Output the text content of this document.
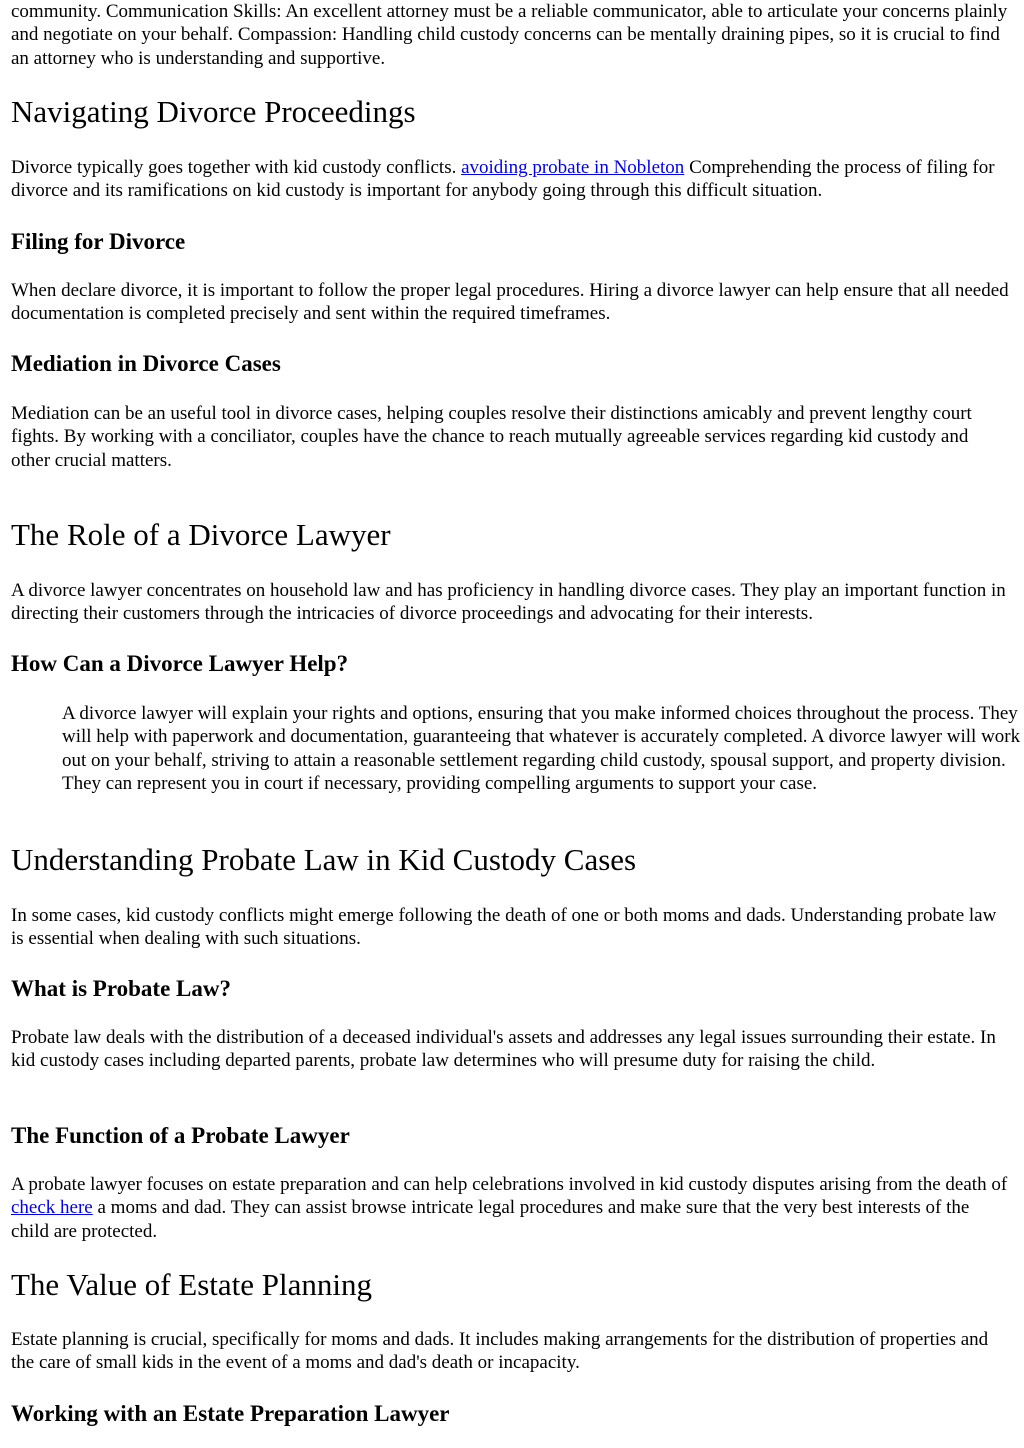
community. Communication Skills: An excellent attorney must be a reliable communicator, able to articulate your concerns plainly and negotiate on your behalf. Compassion: Handling child custody concerns can be mentally draining pipes, so it is crucial to find an attorney who is understanding and supportive.

Navigating Divorce Proceedings

Divorce typically goes together with kid custody conflicts. avoiding probate in Nobleton Comprehending the process of filing for divorce and its ramifications on kid custody is important for anybody going through this difficult situation.

Filing for Divorce

When declare divorce, it is important to follow the proper legal procedures. Hiring a divorce lawyer can help ensure that all needed documentation is completed precisely and sent within the required timeframes.

Mediation in Divorce Cases

Mediation can be an useful tool in divorce cases, helping couples resolve their distinctions amicably and prevent lengthy court fights. By working with a conciliator, couples have the chance to reach mutually agreeable services regarding kid custody and other crucial matters.

The Role of a Divorce Lawyer

A divorce lawyer concentrates on household law and has proficiency in handling divorce cases. They play an important function in directing their customers through the intricacies of divorce proceedings and advocating for their interests.

How Can a Divorce Lawyer Help?

A divorce lawyer will explain your rights and options, ensuring that you make informed choices throughout the process. They will help with paperwork and documentation, guaranteeing that whatever is accurately completed. A divorce lawyer will work out on your behalf, striving to attain a reasonable settlement regarding child custody, spousal support, and property division. They can represent you in court if necessary, providing compelling arguments to support your case.

Understanding Probate Law in Kid Custody Cases

In some cases, kid custody conflicts might emerge following the death of one or both moms and dads. Understanding probate law is essential when dealing with such situations.

What is Probate Law?

Probate law deals with the distribution of a deceased individual's assets and addresses any legal issues surrounding their estate. In kid custody cases including departed parents, probate law determines who will presume duty for raising the child.

The Function of a Probate Lawyer

A probate lawyer focuses on estate preparation and can help celebrations involved in kid custody disputes arising from the death of check here a moms and dad. They can assist browse intricate legal procedures and make sure that the very best interests of the child are protected.

The Value of Estate Planning

Estate planning is crucial, specifically for moms and dads. It includes making arrangements for the distribution of properties and the care of small kids in the event of a moms and dad's death or incapacity.

Working with an Estate Preparation Lawyer
